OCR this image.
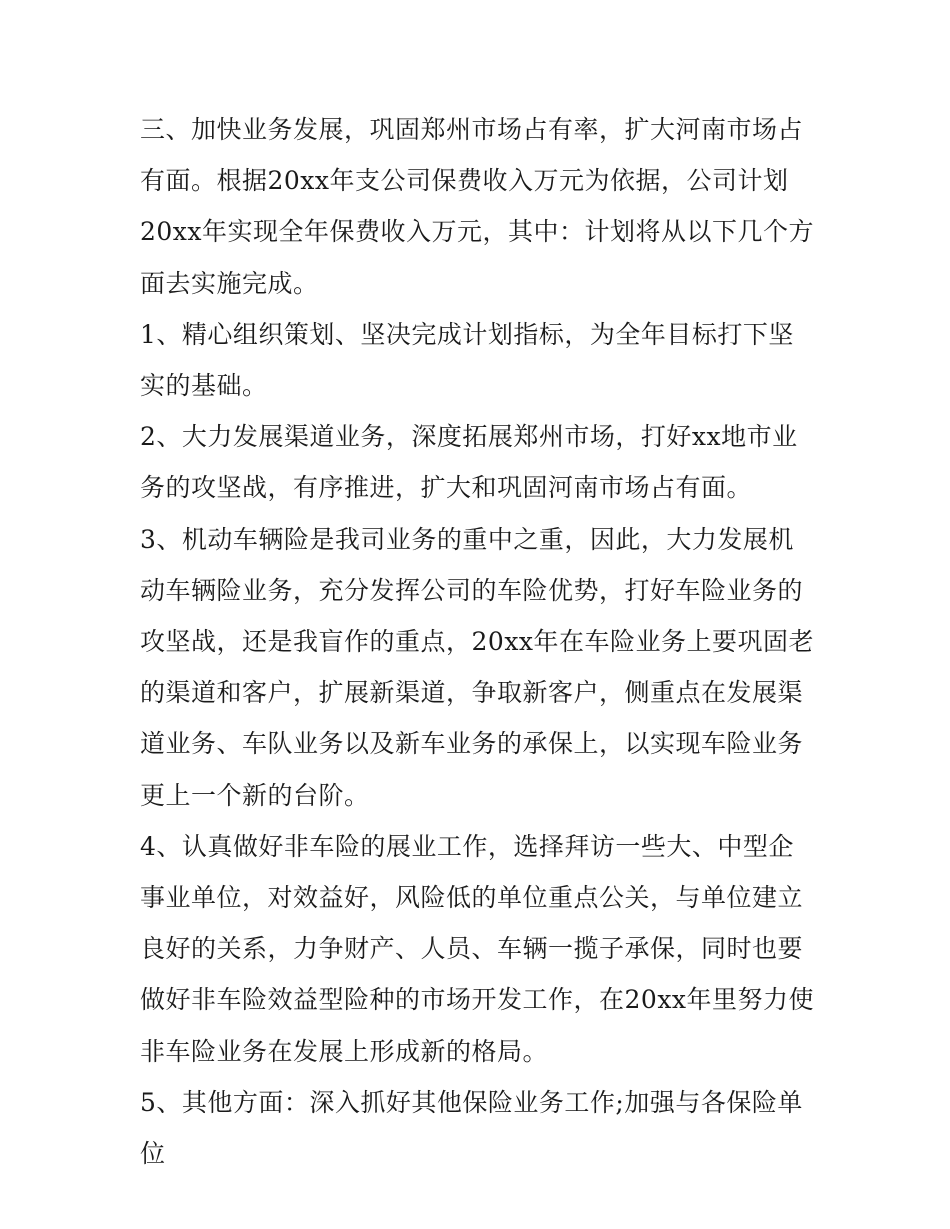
三、加快业务发展，巩固郑州市场占有率，扩大河南市场占有面。根据20xx年支公司保费收入万元为依据，公司计划20xx年实现全年保费收入万元，其中：计划将从以下几个方面去实施完成。

1、精心组织策划、坚决完成计划指标，为全年目标打下坚实的基础。

2、大力发展渠道业务，深度拓展郑州市场，打好xx地市业务的攻坚战，有序推进，扩大和巩固河南市场占有面。

3、机动车辆险是我司业务的重中之重，因此，大力发展机动车辆险业务，充分发挥公司的车险优势，打好车险业务的攻坚战，还是我盲作的重点，20xx年在车险业务上要巩固老的渠道和客户，扩展新渠道，争取新客户，侧重点在发展渠道业务、车队业务以及新车业务的承保上，以实现车险业务更上一个新的台阶。

4、认真做好非车险的展业工作，选择拜访一些大、中型企事业单位，对效益好，风险低的单位重点公关，与单位建立良好的关系，力争财产、人员、车辆一揽子承保，同时也要做好非车险效益型险种的市场开发工作，在20xx年里努力使非车险业务在发展上形成新的格局。

5、其他方面：深入抓好其他保险业务工作;加强与各保险单位
